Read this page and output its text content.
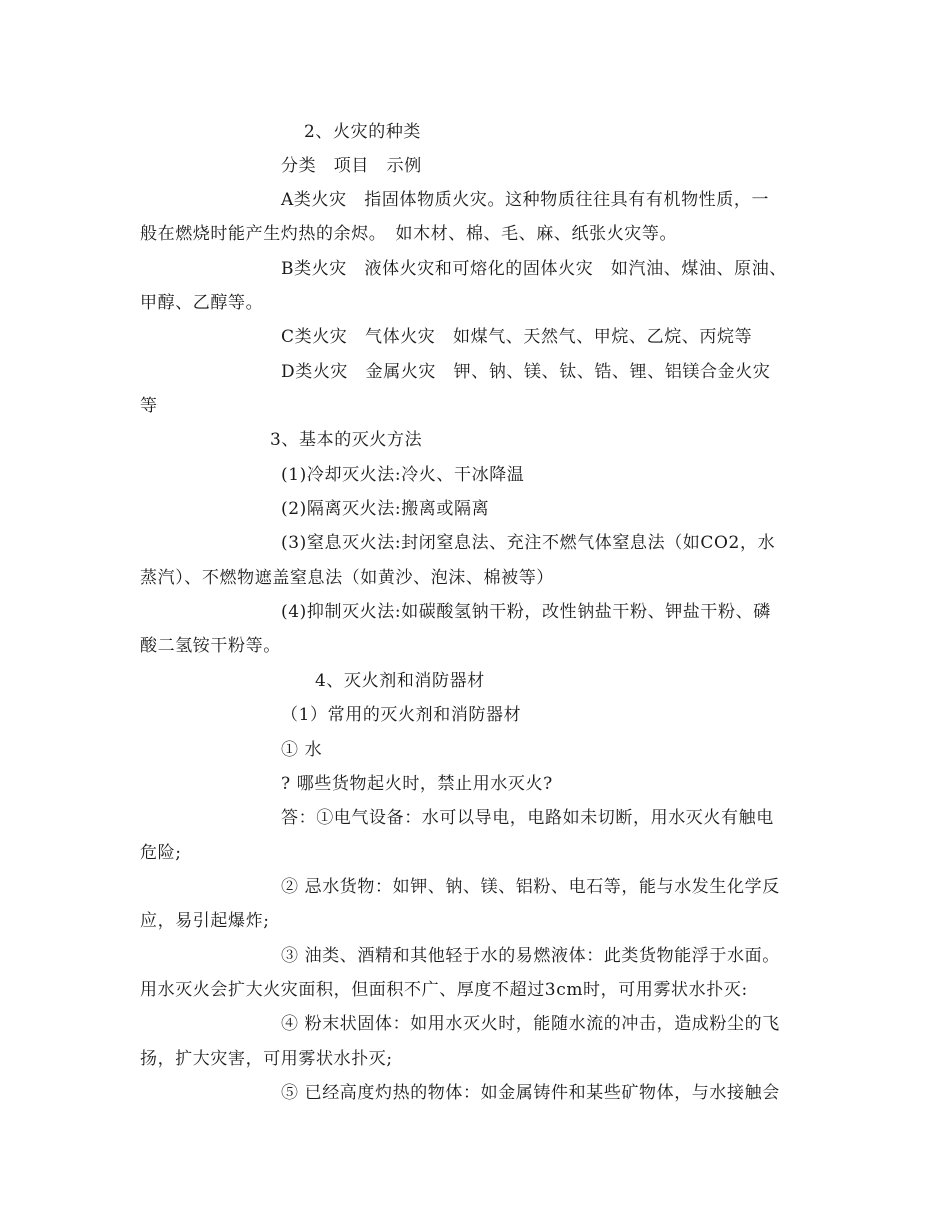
2、火灾的种类
分类　项目　示例
A类火灾　指固体物质火灾。这种物质往往具有有机物性质，一
般在燃烧时能产生灼热的余烬。　如木材、棉、毛、麻、纸张火灾等。
B类火灾　液体火灾和可熔化的固体火灾　如汽油、煤油、原油、
甲醇、乙醇等。
C类火灾　气体火灾　如煤气、天然气、甲烷、乙烷、丙烷等
D类火灾　金属火灾　钾、钠、镁、钛、锆、锂、铝镁合金火灾
等
3、基本的灭火方法
(1)冷却灭火法:冷火、干冰降温
(2)隔离灭火法:搬离或隔离
(3)窒息灭火法:封闭窒息法、充注不燃气体窒息法（如CO2，水
蒸汽）、不燃物遮盖窒息法（如黄沙、泡沫、棉被等）
(4)抑制灭火法:如碳酸氢钠干粉，改性钠盐干粉、钾盐干粉、磷
酸二氢铵干粉等。
4、灭火剂和消防器材
（1）常用的灭火剂和消防器材
① 水
? 哪些货物起火时，禁止用水灭火?
答：①电气设备：水可以导电，电路如未切断，用水灭火有触电
危险;
② 忌水货物：如钾、钠、镁、铝粉、电石等，能与水发生化学反
应，易引起爆炸;
③ 油类、酒精和其他轻于水的易燃液体：此类货物能浮于水面。
用水灭火会扩大火灾面积，但面积不广、厚度不超过3cm时，可用雾状水扑灭:
④ 粉末状固体：如用水灭火时，能随水流的冲击，造成粉尘的飞
扬，扩大灾害，可用雾状水扑灭;
⑤ 已经高度灼热的物体：如金属铸件和某些矿物体，与水接触会
